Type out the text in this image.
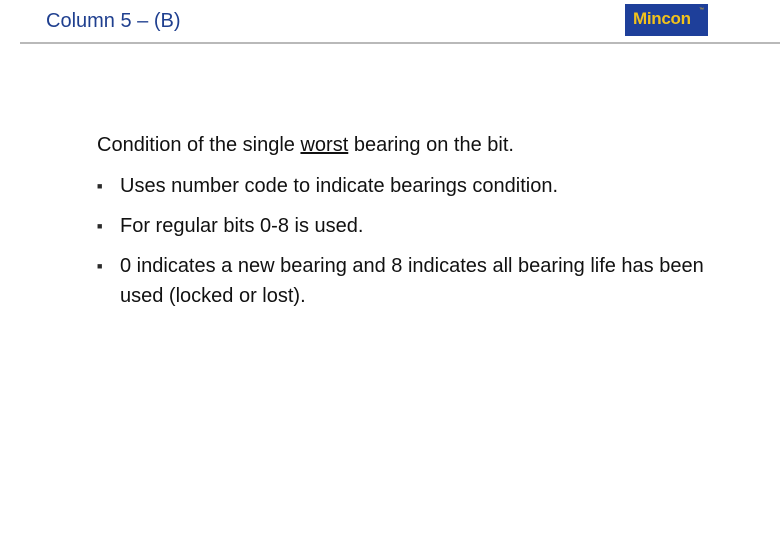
Column 5 – (B)	Mincon ™

Condition of the single worst bearing on the bit.

■ Uses number code to indicate bearings condition.
■ For regular bits 0-8 is used.
■ 0 indicates a new bearing and 8 indicates all bearing life has been used (locked or lost).
